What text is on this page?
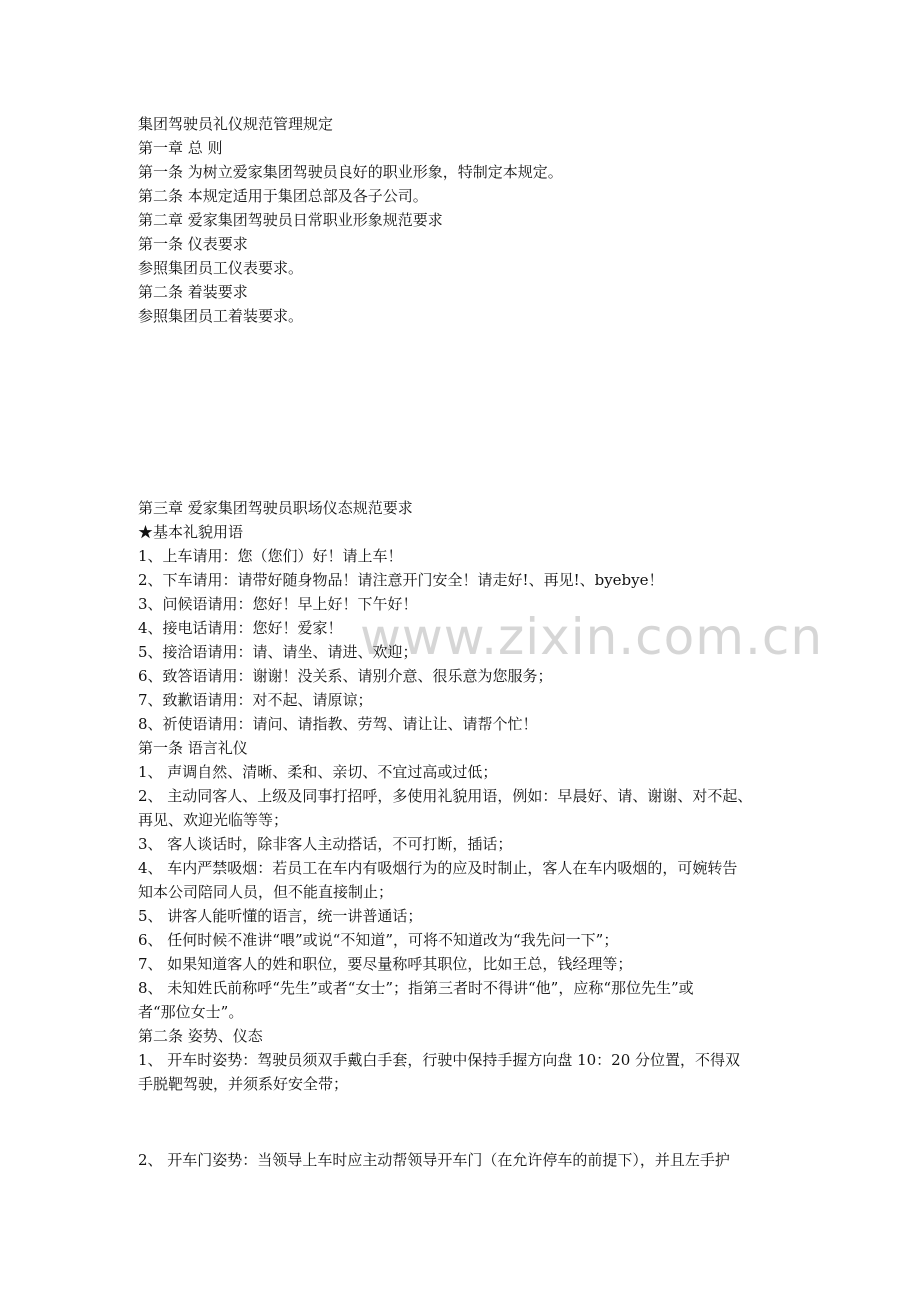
www.zixin.com.cn
集团驾驶员礼仪规范管理规定
第一章 总 则
第一条 为树立爱家集团驾驶员良好的职业形象，特制定本规定。
第二条 本规定适用于集团总部及各子公司。
第二章 爱家集团驾驶员日常职业形象规范要求
第一条 仪表要求
参照集团员工仪表要求。
第二条 着装要求
参照集团员工着装要求。
第三章 爱家集团驾驶员职场仪态规范要求
★基本礼貌用语
1、上车请用：您（您们）好！请上车！
2、下车请用：请带好随身物品！请注意开门安全！请走好!、再见!、byebye！
3、问候语请用：您好！早上好！下午好！
4、接电话请用：您好！爱家！
5、接洽语请用：请、请坐、请进、欢迎；
6、致答语请用：谢谢！没关系、请别介意、很乐意为您服务；
7、致歉语请用：对不起、请原谅；
8、祈使语请用：请问、请指教、劳驾、请让让、请帮个忙！
第一条 语言礼仪
1、 声调自然、清晰、柔和、亲切、不宜过高或过低；
2、 主动同客人、上级及同事打招呼，多使用礼貌用语，例如：早晨好、请、谢谢、对不起、
再见、欢迎光临等等；
3、 客人谈话时，除非客人主动搭话，不可打断，插话；
4、 车内严禁吸烟：若员工在车内有吸烟行为的应及时制止，客人在车内吸烟的，可婉转告
知本公司陪同人员，但不能直接制止；
5、 讲客人能听懂的语言，统一讲普通话；
6、 任何时候不准讲“喂”或说“不知道”，可将不知道改为“我先问一下”；
7、 如果知道客人的姓和职位，要尽量称呼其职位，比如王总，钱经理等；
8、 未知姓氏前称呼“先生”或者“女士”；指第三者时不得讲“他”，应称“那位先生”或
者“那位女士”。
第二条 姿势、仪态
1、 开车时姿势：驾驶员须双手戴白手套，行驶中保持手握方向盘 10：20 分位置，不得双
手脱靶驾驶，并须系好安全带；
2、 开车门姿势：当领导上车时应主动帮领导开车门（在允许停车的前提下），并且左手护
